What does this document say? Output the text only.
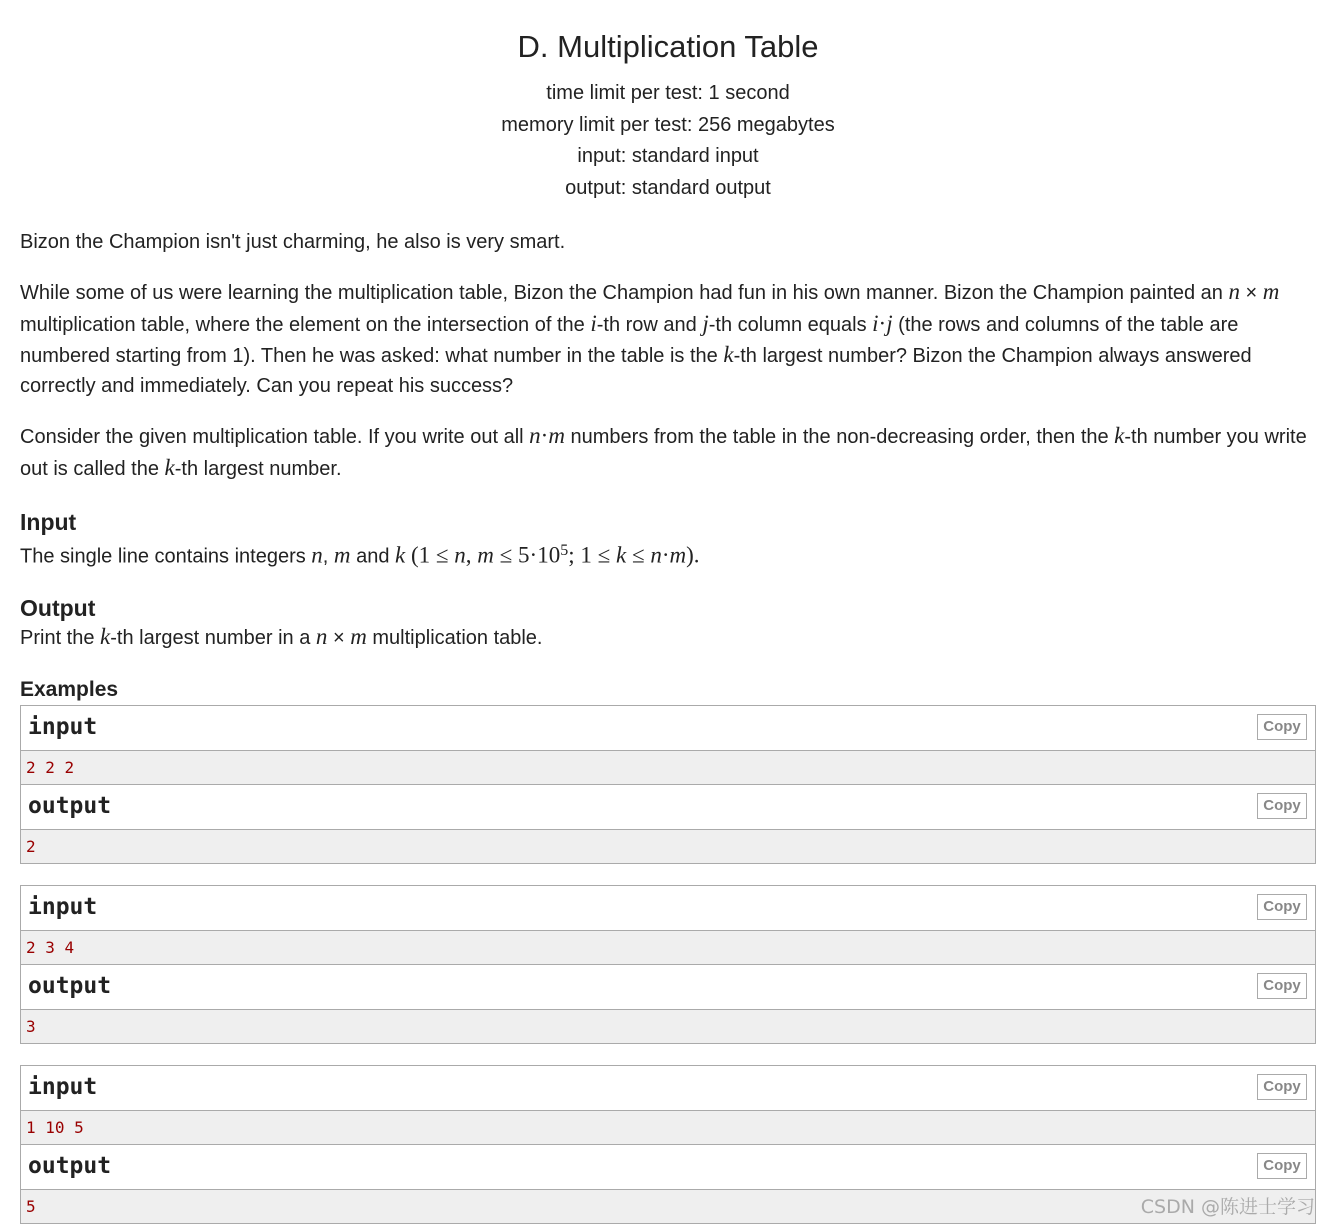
D. Multiplication Table
time limit per test: 1 second
memory limit per test: 256 megabytes
input: standard input
output: standard output

Bizon the Champion isn't just charming, he also is very smart.

While some of us were learning the multiplication table, Bizon the Champion had fun in his own manner. Bizon the Champion painted an n × m multiplication table, where the element on the intersection of the i-th row and j-th column equals i·j (the rows and columns of the table are numbered starting from 1). Then he was asked: what number in the table is the k-th largest number? Bizon the Champion always answered correctly and immediately. Can you repeat his success?

Consider the given multiplication table. If you write out all n·m numbers from the table in the non-decreasing order, then the k-th number you write out is called the k-th largest number.

Input

The single line contains integers n, m and k (1 ≤ n, $m \le 5\cdot 10^5$; 1 ≤ k ≤ n·m).

Output

Print the k-th largest number in a n × m multiplication table.

Examples
input	Copy
2 2 2
output	Copy
2
input	Copy
2 3 4
output	Copy
3
input	Copy
1 10 5
output	Copy
5	CSDN @陈进士学习
